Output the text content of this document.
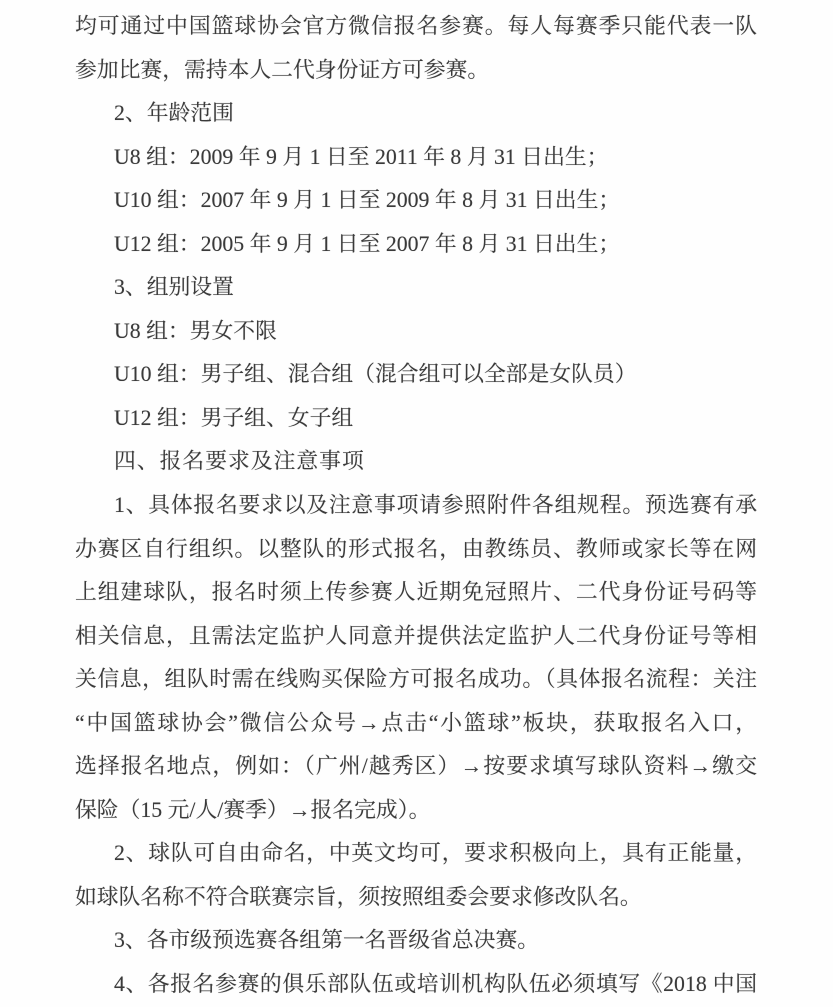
均可通过中国篮球协会官方微信报名参赛。每人每赛季只能代表一队
参加比赛，需持本人二代身份证方可参赛。
2、年龄范围
U8 组：2009 年 9 月 1 日至 2011 年 8 月 31 日出生；
U10 组：2007 年 9 月 1 日至 2009 年 8 月 31 日出生；
U12 组：2005 年 9 月 1 日至 2007 年 8 月 31 日出生；
3、组别设置
U8 组：男女不限
U10 组：男子组、混合组（混合组可以全部是女队员）
U12 组：男子组、女子组
四、报名要求及注意事项
1、具体报名要求以及注意事项请参照附件各组规程。预选赛有承
办赛区自行组织。以整队的形式报名，由教练员、教师或家长等在网
上组建球队，报名时须上传参赛人近期免冠照片、二代身份证号码等
相关信息，且需法定监护人同意并提供法定监护人二代身份证号等相
关信息，组队时需在线购买保险方可报名成功。（具体报名流程：关注
“中国篮球协会”微信公众号→点击“小篮球”板块，获取报名入口，
选择报名地点，例如：（广州/越秀区）→按要求填写球队资料→缴交
保险（15 元/人/赛季）→报名完成）。
2、球队可自由命名，中英文均可，要求积极向上，具有正能量，
如球队名称不符合联赛宗旨，须按照组委会要求修改队名。
3、各市级预选赛各组第一名晋级省总决赛。
4、各报名参赛的俱乐部队伍或培训机构队伍必须填写《2018 中国
